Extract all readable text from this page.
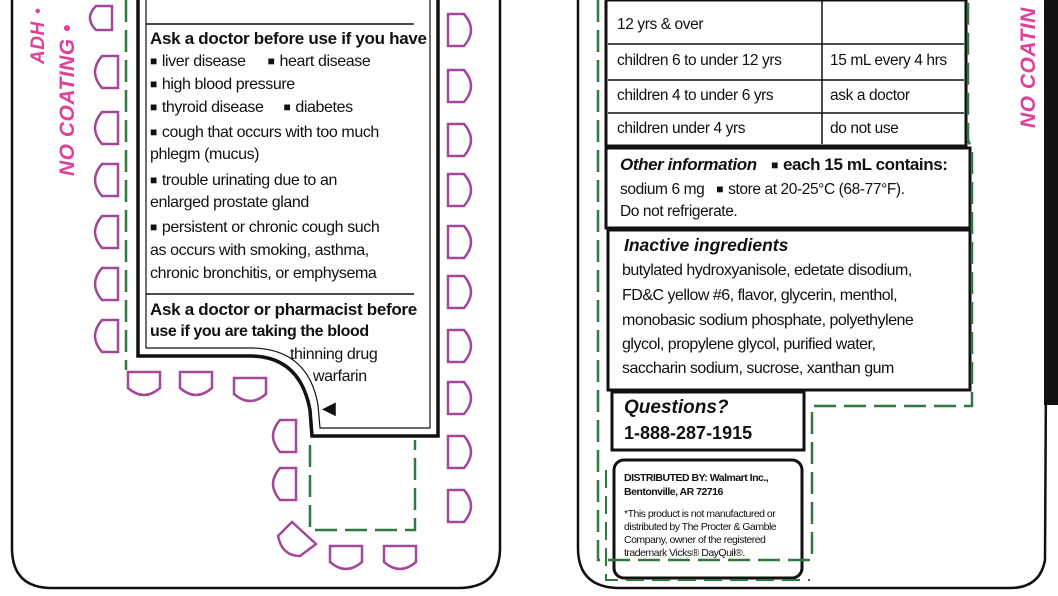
ADH
•
NO COATING •	NO COATIN
Ask a doctor before use if you have
■ liver disease ■ heart disease
■ high blood pressure
■ thyroid disease ■ diabetes
■ cough that occurs with too much
phlegm (mucus)
■ trouble urinating due to an
enlarged prostate gland
■ persistent or chronic cough such
as occurs with smoking, asthma,
chronic bronchitis, or emphysema
Ask a doctor or pharmacist before
use if you are taking the blood
thinning drug
warfarin
◀
12 yrs & over
children 6 to under 12 yrs	15 mL every 4 hrs
children 4 to under 6 yrs	ask a doctor
children under 4 yrs	do not use
Other information ■ each 15 mL contains:
sodium 6 mg ■ store at 20-25°C (68-77°F).
Do not refrigerate.
Inactive ingredients
butylated hydroxyanisole, edetate disodium,
FD&C yellow #6, flavor, glycerin, menthol,
monobasic sodium phosphate, polyethylene
glycol, propylene glycol, purified water,
saccharin sodium, sucrose, xanthan gum
Questions?
1-888-287-1915
DISTRIBUTED BY: Walmart Inc.,
Bentonville, AR 72716
*This product is not manufactured or
distributed by The Procter & Gamble
Company, owner of the registered
trademark Vicks® DayQuil®.
